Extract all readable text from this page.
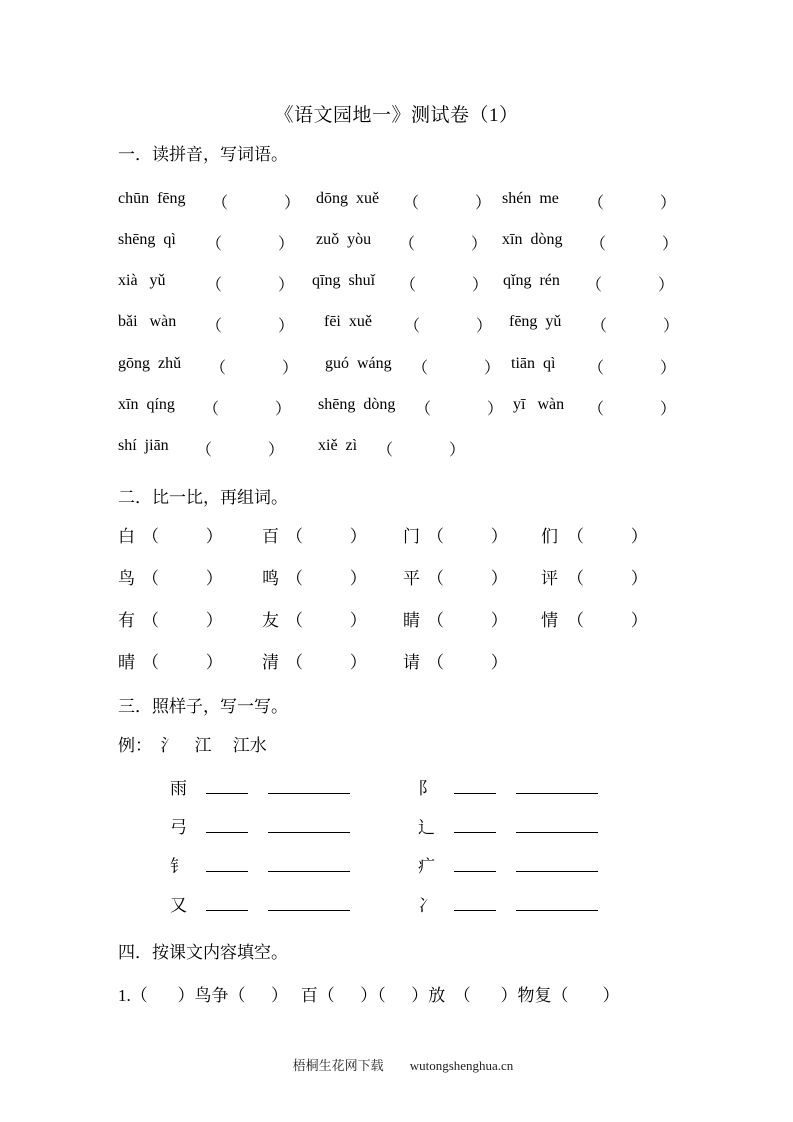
《语文园地一》测试卷（1）
一．读拼音，写词语。
chūn  fēng （              ） dōng  xuě （              ） shén  me （              ）
shēng  qì （              ） zuǒ  yòu （              ） xīn  dòng （              ）
xià   yǔ	（              ） qīng  shuǐ （              ） qǐng  rén （              ）
bǎi   wàn （              ） fēi  xuě （              ） fēng  yǔ （              ）
gōng  zhǔ （              ） guó  wáng （              ） tiān  qì （              ）
xīn  qíng （              ） shēng  dòng （              ） yī   wàn （              ）
shí  jiān （              ） xiě  zì （              ）
二．比一比，再组词。
白 （           ） 百 （           ） 门 （           ） 们 （           ）
鸟 （           ） 鸣 （           ） 平 （           ） 评 （           ）
有 （           ） 友 （           ） 睛 （           ） 情 （           ）
晴 （           ） 清 （           ） 请 （           ）
三．照样子，写一写。
例：  氵    江     江水
雨	阝
弓	辶
钅	疒
又	冫
四．按课文内容填空。
1.（       ）鸟争（      ）   百（      ）（      ）放  （       ）物复（        ）

梧桐生花网下载 wutongshenghua.cn
